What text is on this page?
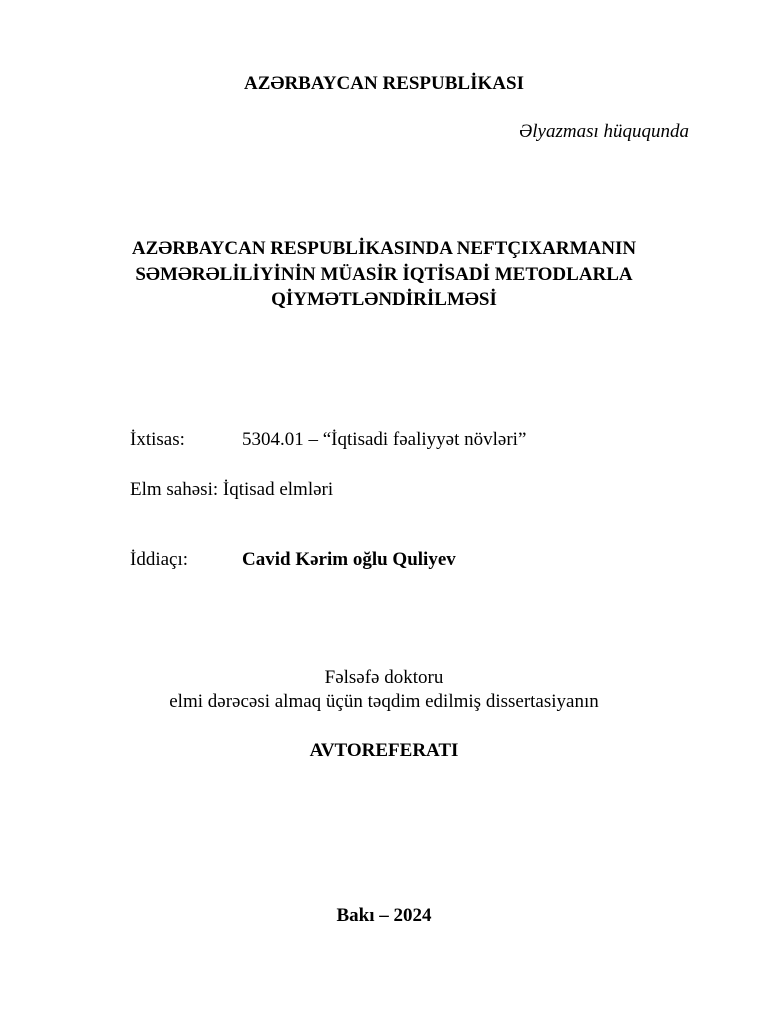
AZƏRBAYCAN RESPUBLİKASI
Əlyazması hüququnda
AZƏRBAYCAN RESPUBLİKASINDA NEFTÇIXARMANIN
SƏMƏRƏLİLİYİNİN MÜASİR İQTİSADİ METODLARLA
QİYMƏTLƏNDİRİLMƏSİ
İxtisas:	5304.01 – “İqtisadi fəaliyyət növləri”
Elm sahəsi: İqtisad elmləri
İddiaçı:	Cavid Kərim oğlu Quliyev
Fəlsəfə doktoru
elmi dərəcəsi almaq üçün təqdim edilmiş dissertasiyanın
AVTOREFERATI
Bakı – 2024
